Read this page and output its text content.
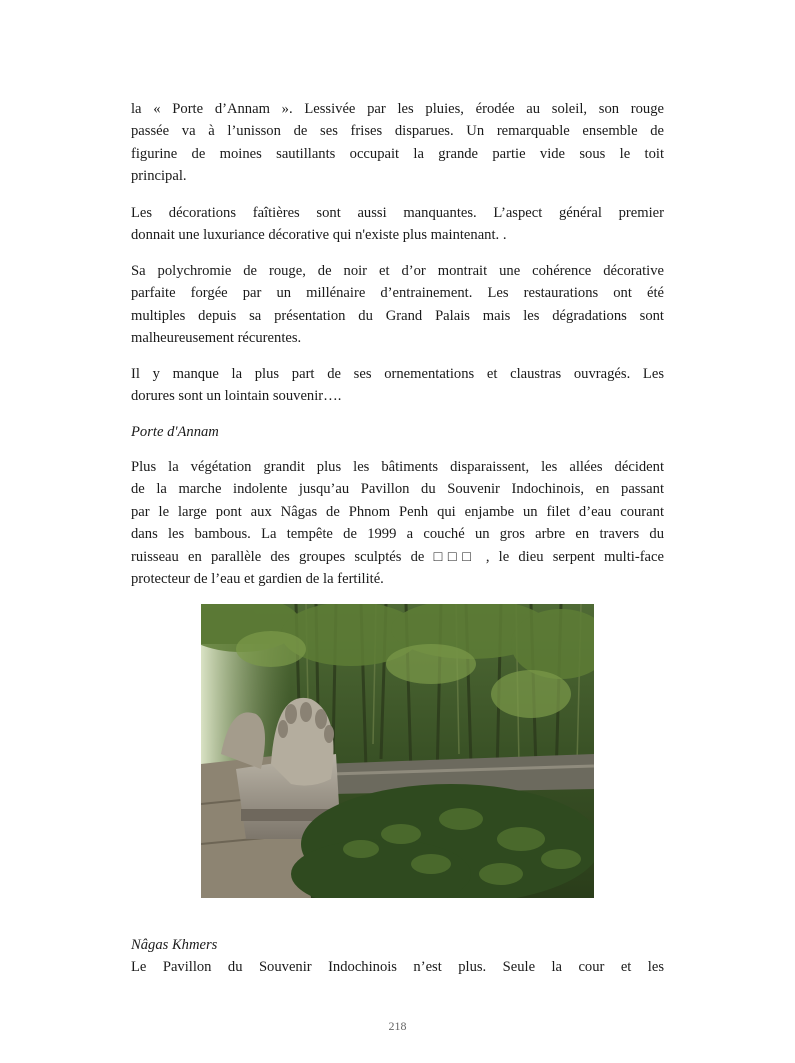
la « Porte d’Annam ». Lessivée par les pluies, érodée au soleil, son rouge
passée va à l’unisson de ses frises disparues. Un remarquable ensemble de
figurine de moines sautillants occupait la grande partie vide sous le toit
principal.

Les décorations faîtières sont aussi manquantes. L’aspect général premier
donnait une luxuriance décorative qui n'existe plus maintenant. .

Sa polychromie de rouge, de noir et d’or montrait une cohérence décorative
parfaite forgée par un millénaire d’entrainement. Les restaurations ont été
multiples depuis sa présentation du Grand Palais mais les dégradations sont
malheureusement récurentes.

Il y manque la plus part de ses ornementations et claustras ouvragés. Les
dorures sont un lointain souvenir….

Porte d'Annam

Plus la végétation grandit plus les bâtiments disparaissent, les allées décident
de la marche indolente jusqu’au Pavillon du Souvenir Indochinois, en passant
par le large pont aux Nâgas de Phnom Penh qui enjambe un filet d’eau courant
dans les bambous. La tempête de 1999 a couché un gros arbre en travers du
ruisseau en parallèle des groupes sculptés de □□□ , le dieu serpent multi-face
protecteur de l’eau et gardien de la fertilité.

Nâgas Khmers

Le Pavillon du Souvenir Indochinois n’est plus. Seule la cour et les

218
